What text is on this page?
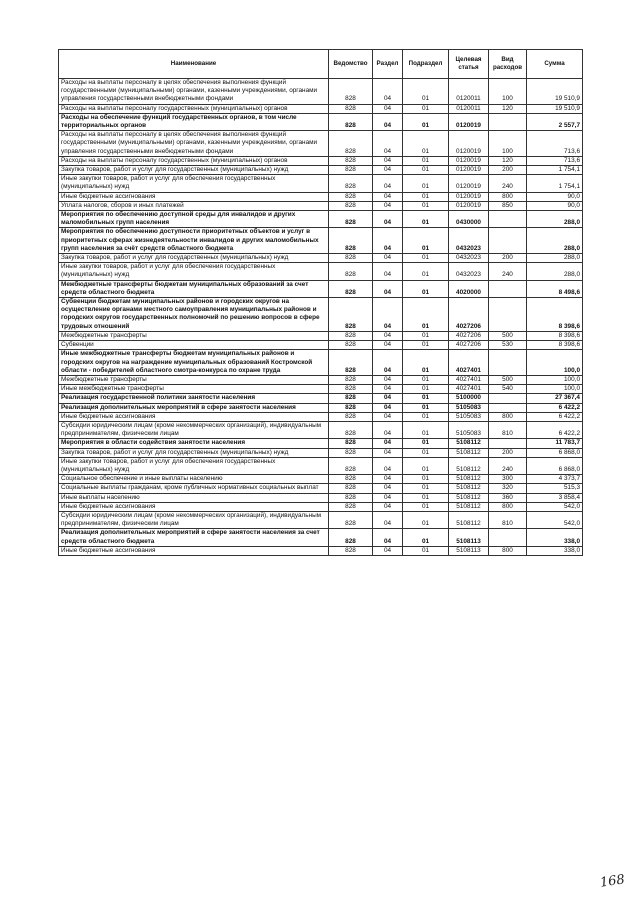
Наименование	Ведомство	Раздел	Подраздел	Целевая статья	Вид расходов	Сумма
Расходы на выплаты персоналу в целях обеспечения выполнения функций государственными (муниципальными) органами, казенными учреждениями, органами управления государственными внебюджетными фондами	828	04	01	0120011	100	19 510,9
Расходы на выплаты персоналу государственных (муниципальных) органов	828	04	01	0120011	120	19 510,9
Расходы на обеспечение функций государственных органов, в том числе территориальных органов	828	04	01	0120019		2 557,7
Расходы на выплаты персоналу в целях обеспечения выполнения функций государственными (муниципальными) органами, казенными учреждениями, органами управления государственными внебюджетными фондами	828	04	01	0120019	100	713,6
Расходы на выплаты персоналу государственных (муниципальных) органов	828	04	01	0120019	120	713,6
Закупка товаров, работ и услуг для государственных (муниципальных) нужд	828	04	01	0120019	200	1 754,1
Иные закупки товаров, работ и услуг для обеспечения государственных (муниципальных) нужд	828	04	01	0120019	240	1 754,1
Иные бюджетные ассигнования	828	04	01	0120019	800	90,0
Уплата налогов, сборов и иных платежей	828	04	01	0120019	850	90,0
Мероприятия по обеспечению доступной среды для инвалидов и других маломобильных групп населения	828	04	01	0430000		288,0
Мероприятия по обеспечению доступности приоритетных объектов и услуг в приоритетных сферах жизнедеятельности инвалидов и других маломобильных групп населения за счёт средств областного бюджета	828	04	01	0432023		288,0
Закупка товаров, работ и услуг для государственных (муниципальных) нужд	828	04	01	0432023	200	288,0
Иные закупки товаров, работ и услуг для обеспечения государственных (муниципальных) нужд	828	04	01	0432023	240	288,0
Межбюджетные трансферты бюджетам муниципальных образований за счет средств областного бюджета	828	04	01	4020000		8 498,6
Субвенции бюджетам муниципальных районов и городских округов на осуществление органами местного самоуправления муниципальных районов и городских округов государственных полномочий по решению вопросов в сфере трудовых отношений	828	04	01	4027206		8 398,6
Межбюджетные трансферты	828	04	01	4027206	500	8 398,6
Субвенции	828	04	01	4027206	530	8 398,6
Иные межбюджетные трансферты бюджетам муниципальных районов и городских округов на награждение муниципальных образований Костромской области - победителей областного смотра-конкурса по охране труда	828	04	01	4027401		100,0
Межбюджетные трансферты	828	04	01	4027401	500	100,0
Иные межбюджетные трансферты	828	04	01	4027401	540	100,0
Реализация государственной политики занятости населения	828	04	01	5100000		27 367,4
Реализация дополнительных мероприятий в сфере занятости населения	828	04	01	5105083		6 422,2
Иные бюджетные ассигнования	828	04	01	5105083	800	6 422,2
Субсидии юридическим лицам (кроме некоммерческих организаций), индивидуальным предпринимателям, физическим лицам	828	04	01	5105083	810	6 422,2
Мероприятия в области содействия занятости населения	828	04	01	5108112		11 783,7
Закупка товаров, работ и услуг для государственных (муниципальных) нужд	828	04	01	5108112	200	6 868,0
Иные закупки товаров, работ и услуг для обеспечения государственных (муниципальных) нужд	828	04	01	5108112	240	6 868,0
Социальное обеспечение и иные выплаты населению	828	04	01	5108112	300	4 373,7
Социальные выплаты гражданам, кроме публичных нормативных социальных выплат	828	04	01	5108112	320	515,3
Иные выплаты населению	828	04	01	5108112	360	3 858,4
Иные бюджетные ассигнования	828	04	01	5108112	800	542,0
Субсидии юридическим лицам (кроме некоммерческих организаций), индивидуальным предпринимателям, физическим лицам	828	04	01	5108112	810	542,0
Реализация дополнительных мероприятий в сфере занятости населения за счет средств областного бюджета	828	04	01	5108113		338,0
Иные бюджетные ассигнования	828	04	01	5108113	800	338,0
168
